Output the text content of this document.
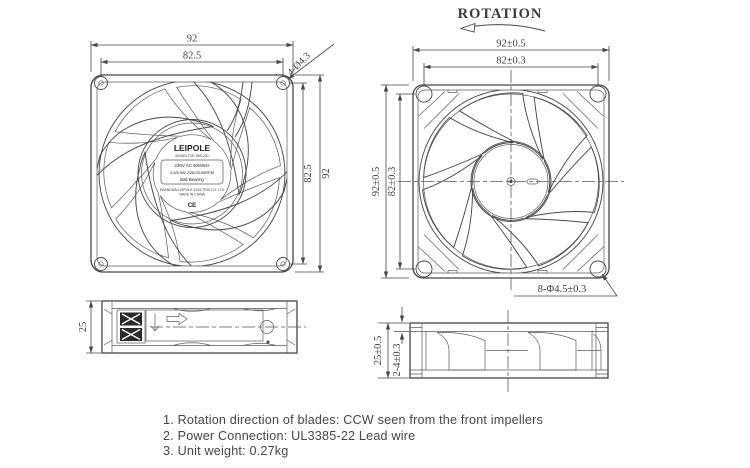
LEIPOLE
MODEL:F2E-92B-230
230V AC 50/60Hz
5.5/5.9W 2350/3100RPM
Ball Bearing
SHANGHAI LEIPOLE ELECTRIC CO.,LTD
MADE IN CHINA
CE
92
82.5
82.5 92
4-Ø4.3
ROTATION
92±0.5
82±0.3
92±0.5 82±0.3
8-Φ4.5±0.3
25
25±0.5 2-4±0.3
1. Rotation direction of blades: CCW seen from the front impellers
2. Power Connection: UL3385-22 Lead wire
3. Unit weight: 0.27kg
